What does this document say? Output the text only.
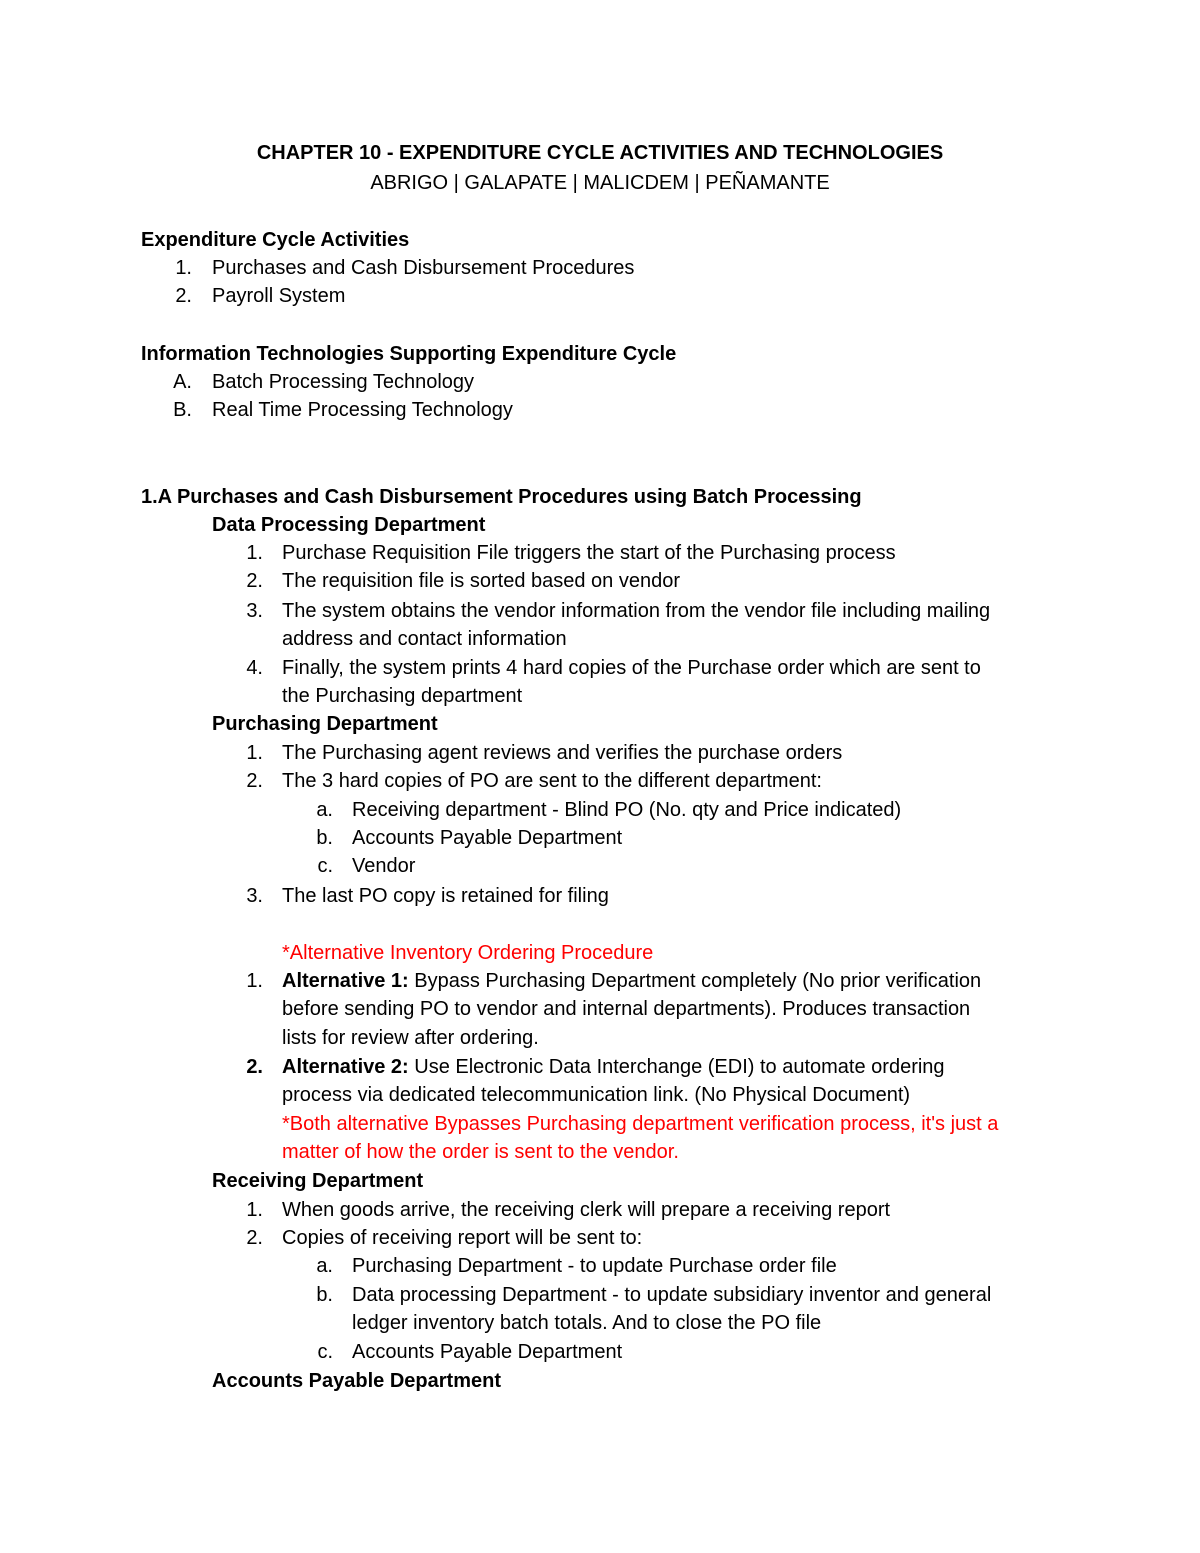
CHAPTER 10 - EXPENDITURE CYCLE ACTIVITIES AND TECHNOLOGIES
ABRIGO | GALAPATE | MALICDEM | PEÑAMANTE
Expenditure Cycle Activities
1. Purchases and Cash Disbursement Procedures
2. Payroll System
Information Technologies Supporting Expenditure Cycle
A. Batch Processing Technology
B. Real Time Processing Technology
1.A Purchases and Cash Disbursement Procedures using Batch Processing
Data Processing Department
1. Purchase Requisition File triggers the start of the Purchasing process
2. The requisition file is sorted based on vendor
3. The system obtains the vendor information from the vendor file including mailing
address and contact information
4. Finally, the system prints 4 hard copies of the Purchase order which are sent to
the Purchasing department
Purchasing Department
1. The Purchasing agent reviews and verifies the purchase orders
2. The 3 hard copies of PO are sent to the different department:
a. Receiving department - Blind PO (No. qty and Price indicated)
b. Accounts Payable Department
c. Vendor
3. The last PO copy is retained for filing
*Alternative Inventory Ordering Procedure
1. Alternative 1: Bypass Purchasing Department completely (No prior verification
before sending PO to vendor and internal departments). Produces transaction
lists for review after ordering.
2. Alternative 2: Use Electronic Data Interchange (EDI) to automate ordering
process via dedicated telecommunication link. (No Physical Document)
*Both alternative Bypasses Purchasing department verification process, it's just a
matter of how the order is sent to the vendor.
Receiving Department
1. When goods arrive, the receiving clerk will prepare a receiving report
2. Copies of receiving report will be sent to:
a. Purchasing Department - to update Purchase order file
b. Data processing Department - to update subsidiary inventor and general
ledger inventory batch totals. And to close the PO file
c. Accounts Payable Department
Accounts Payable Department
